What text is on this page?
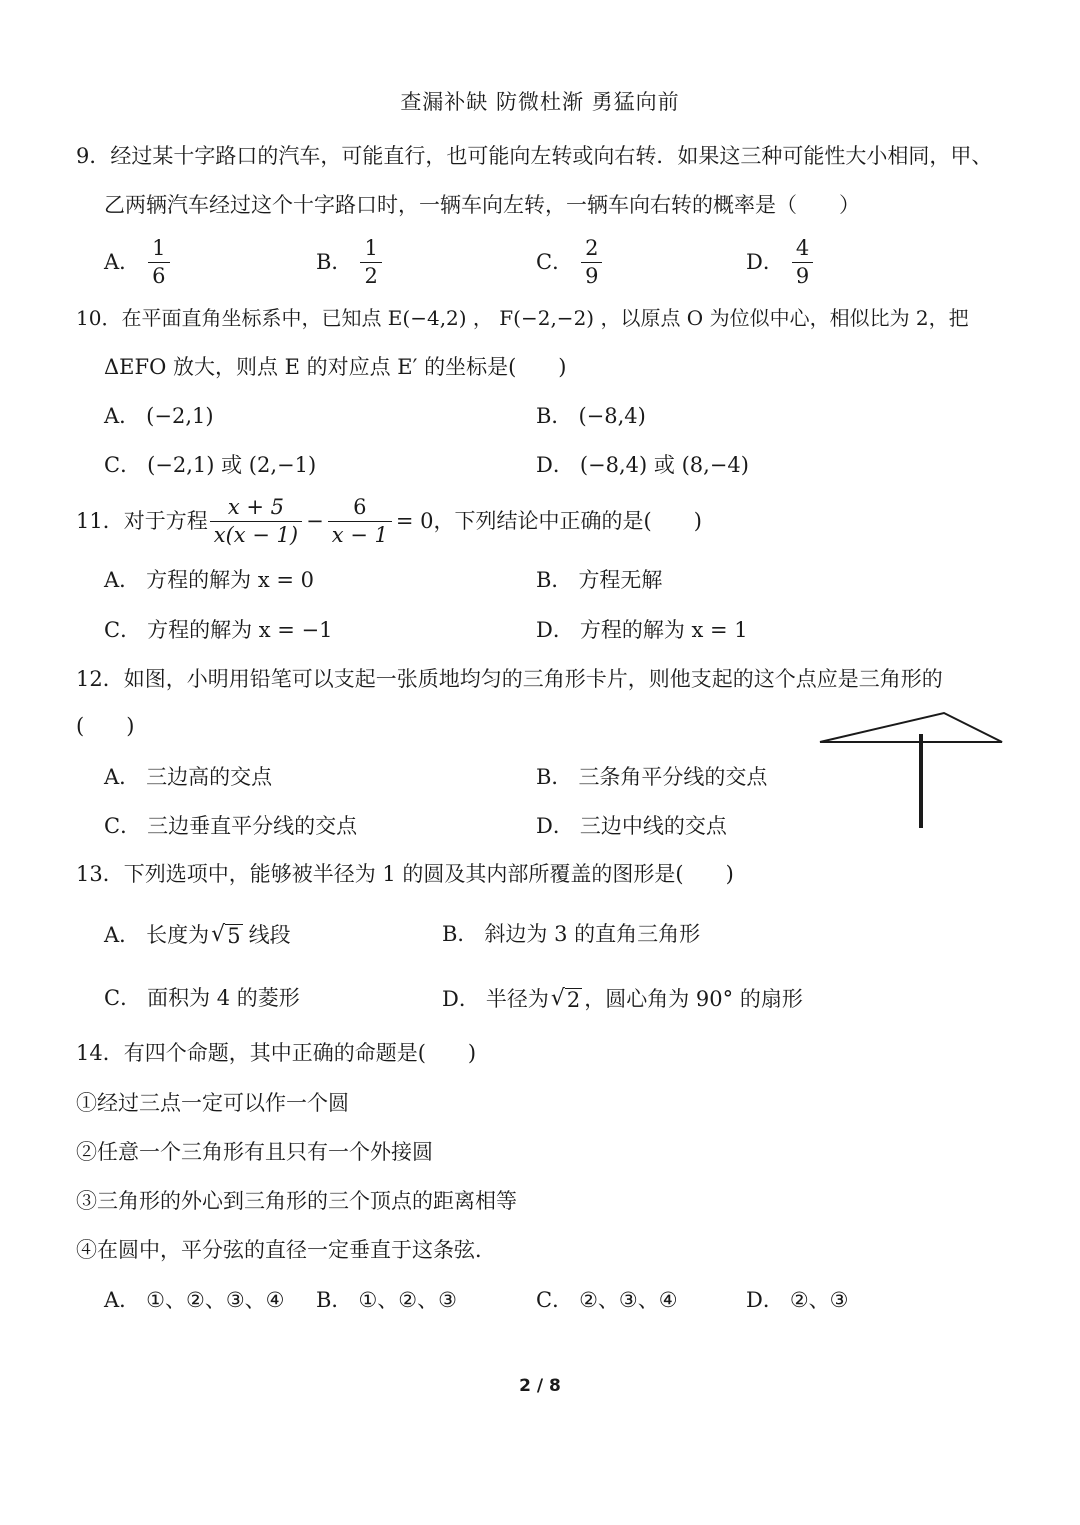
查漏补缺 防微杜渐 勇猛向前
9．经过某十字路口的汽车，可能直行，也可能向左转或向右转．如果这三种可能性大小相同，甲、
乙两辆汽车经过这个十字路口时，一辆车向左转，一辆车向右转的概率是（　　）
A． $\frac{1}{6}$	B． $\frac{1}{2}$	C． $\frac{2}{9}$	D． $\frac{4}{9}$
10．在平面直角坐标系中，已知点 E(−4,2) ， F(−2,−2) ，以原点 O 为位似中心，相似比为 2，把
ΔEFO 放大，则点 E 的对应点 E′ 的坐标是(　　)
A． (−2,1)	B． (−8,4)
C． (−2,1) 或 (2,−1)	D． (−8,4) 或 (8,−4)
11．对于方程 $\frac{x + 5}{x(x - 1)} - \frac{6}{x - 1} = 0$ ，下列结论中正确的是(　　)
A． 方程的解为 x = 0	B． 方程无解
C． 方程的解为 x = −1	D． 方程的解为 x = 1
12．如图，小明用铅笔可以支起一张质地均匀的三角形卡片，则他支起的这个点应是三角形的
(　　)
A． 三边高的交点	B． 三条角平分线的交点
C． 三边垂直平分线的交点	D． 三边中线的交点
13．下列选项中，能够被半径为 1 的圆及其内部所覆盖的图形是(　　)
A． 长度为 √ 5 线段	B． 斜边为 3 的直角三角形
C． 面积为 4 的菱形	D． 半径为 √ 2 ，圆心角为 90° 的扇形
14．有四个命题，其中正确的命题是(　　)
①经过三点一定可以作一个圆
②任意一个三角形有且只有一个外接圆
③三角形的外心到三角形的三个顶点的距离相等
④在圆中，平分弦的直径一定垂直于这条弦．
A． ①、②、③、④ B． ①、②、③	C． ②、③、④	D． ②、③
2 / 8
